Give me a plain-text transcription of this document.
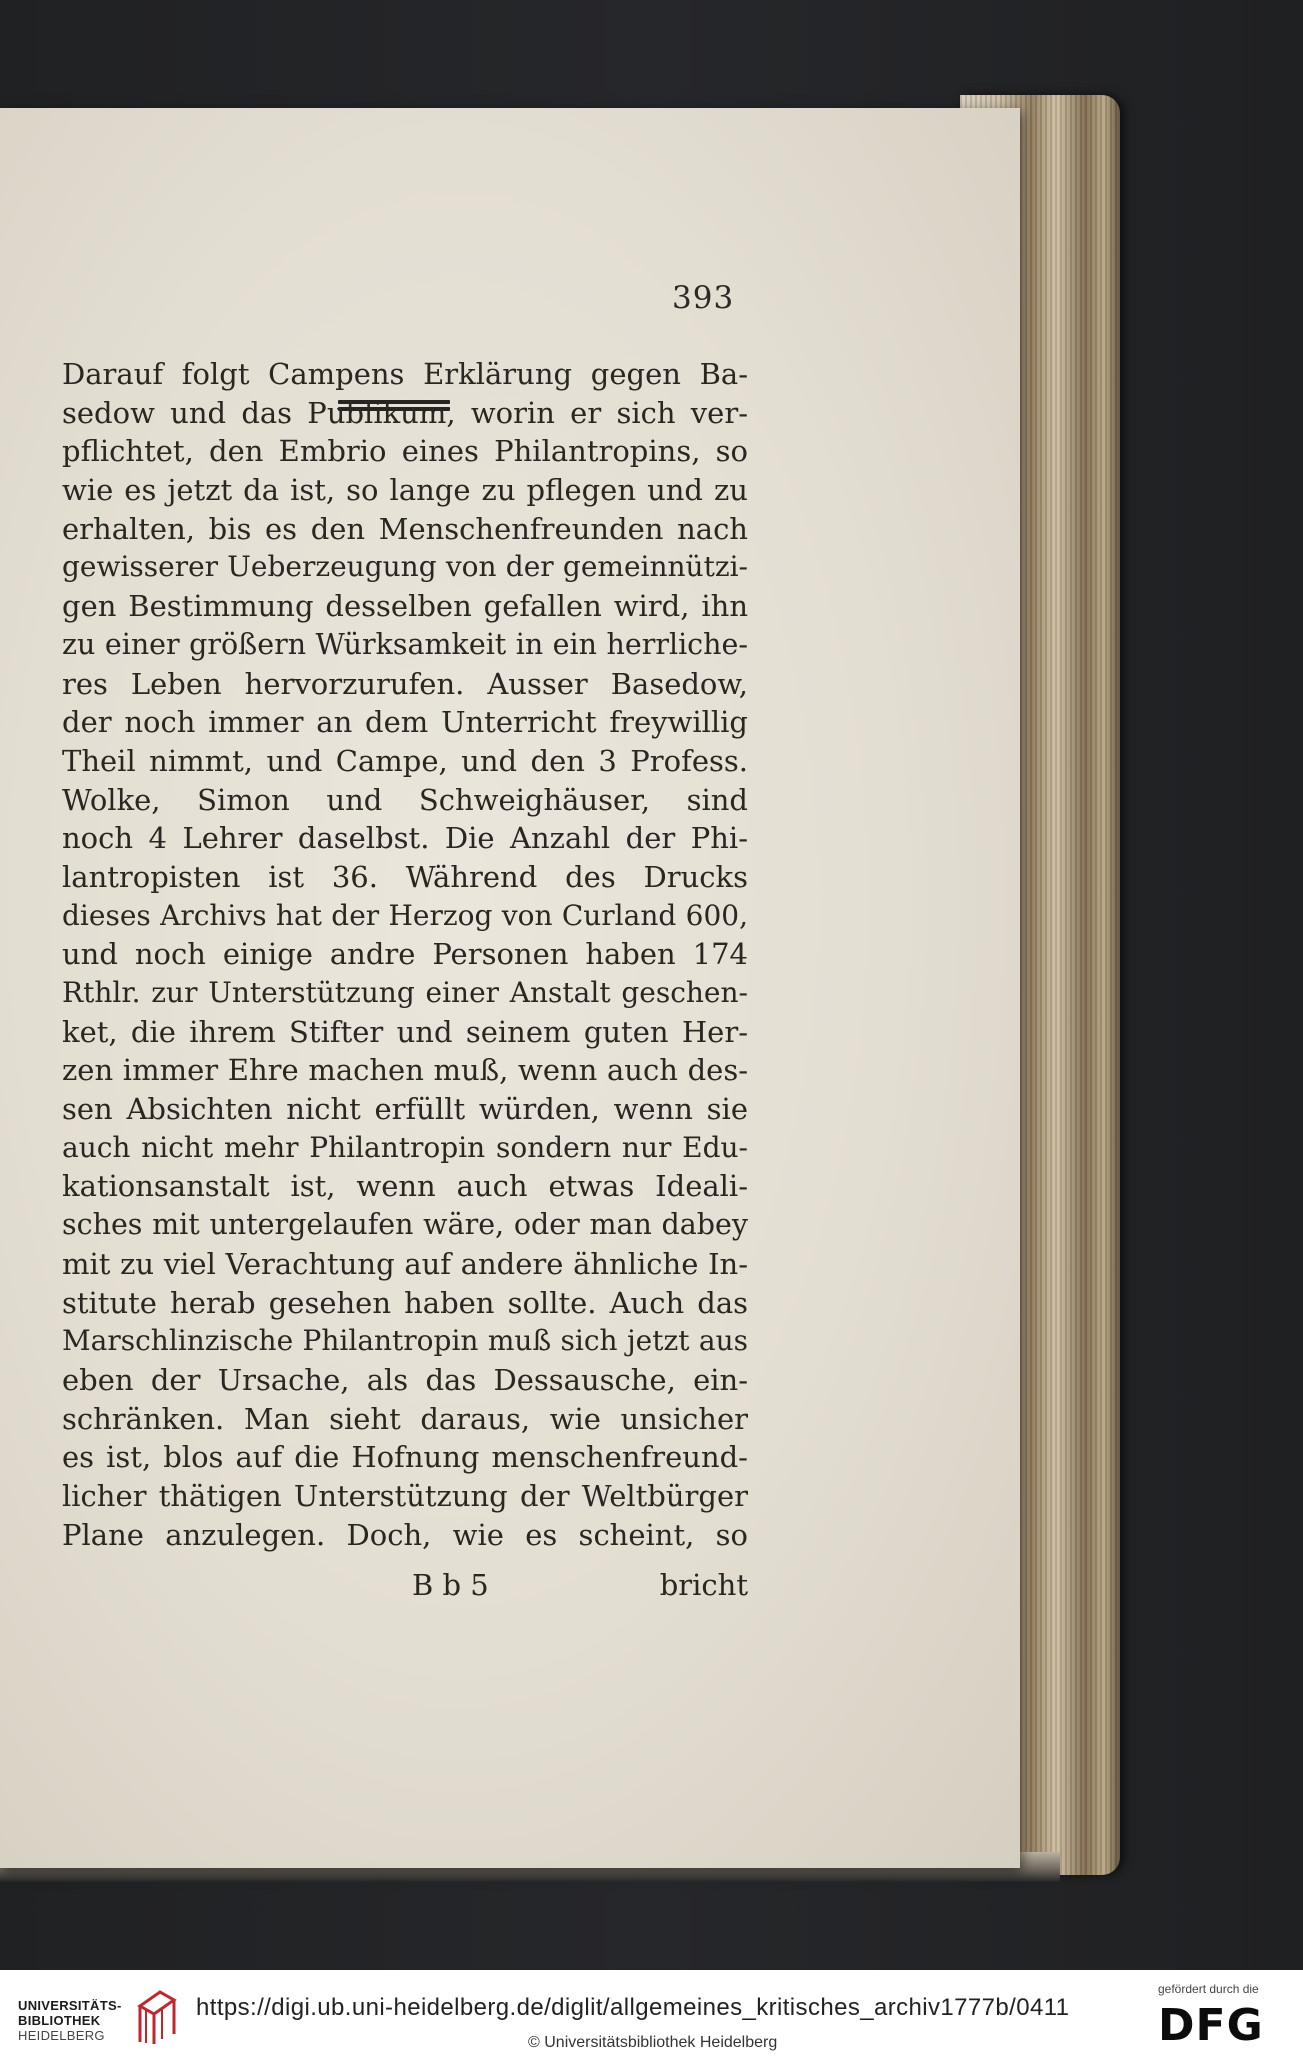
393
Darauf folgt Campens Erklärung gegen Ba-
sedow und das Publikum, worin er sich ver-
pflichtet, den Embrio eines Philantropins, so
wie es jetzt da ist, so lange zu pflegen und zu
erhalten, bis es den Menschenfreunden nach
gewisserer Ueberzeugung von der gemeinnützi-
gen Bestimmung desselben gefallen wird, ihn
zu einer größern Würksamkeit in ein herrliche-
res Leben hervorzurufen. Ausser Basedow,
der noch immer an dem Unterricht freywillig
Theil nimmt, und Campe, und den 3 Profess.
Wolke, Simon und Schweighäuser, sind
noch 4 Lehrer daselbst. Die Anzahl der Phi-
lantropisten ist 36. Während des Drucks
dieses Archivs hat der Herzog von Curland 600,
und noch einige andre Personen haben 174
Rthlr. zur Unterstützung einer Anstalt geschen-
ket, die ihrem Stifter und seinem guten Her-
zen immer Ehre machen muß, wenn auch des-
sen Absichten nicht erfüllt würden, wenn sie
auch nicht mehr Philantropin sondern nur Edu-
kationsanstalt ist, wenn auch etwas Ideali-
sches mit untergelaufen wäre, oder man dabey
mit zu viel Verachtung auf andere ähnliche In-
stitute herab gesehen haben sollte. Auch das
Marschlinzische Philantropin muß sich jetzt aus
eben der Ursache, als das Dessausche, ein-
schränken. Man sieht daraus, wie unsicher
es ist, blos auf die Hofnung menschenfreund-
licher thätigen Unterstützung der Weltbürger
Plane anzulegen. Doch, wie es scheint, so
B b 5	bricht
UNIVERSITÄTS-
BIBLIOTHEK
HEIDELBERG
https://digi.ub.uni-heidelberg.de/diglit/allgemeines_kritisches_archiv1777b/0411
© Universitätsbibliothek Heidelberg
gefördert durch die
DFG
